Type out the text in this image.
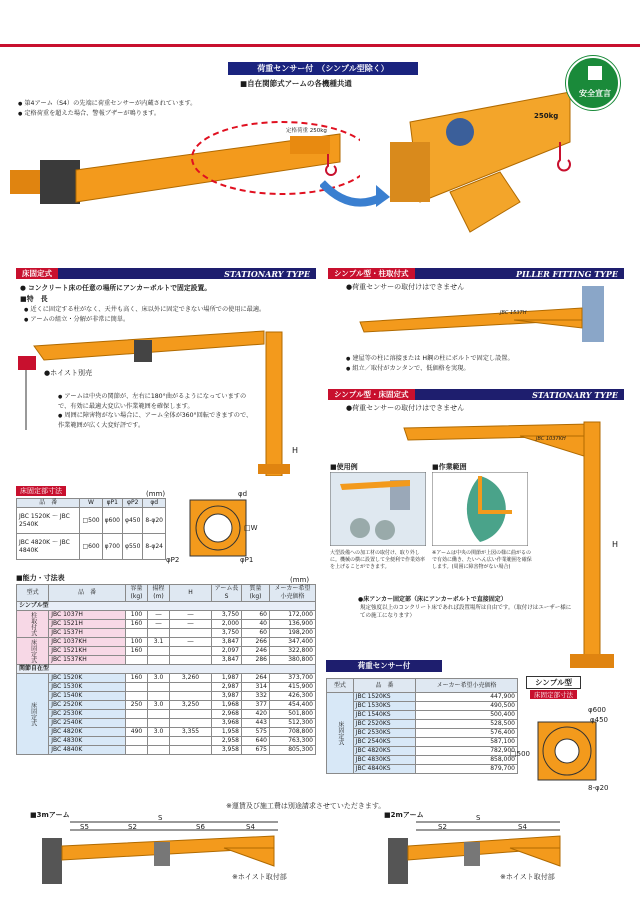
荷重センサー付　（シンプル型除く）
■自在関節式アームの各機種共通
● 第4アーム（S4）の先端に荷重センサーが内蔵されています。
● 定格荷重を超えた場合、警報ブザーが鳴ります。
定格荷重 250kg
250kg
安全宣言
床固定式	STATIONARY TYPE
● コンクリート床の任意の場所にアンカーボルトで固定設置。
■特　長
● 近くに固定する柱がなく、天井も高く、床以外に固定できない場所での使用に最適。
● アームの組立・分解が非常に簡単。
●ホイスト別売
● アームは中央の関節が、左右に180°曲がるようになっていますので、有効に最適大変広い作業範囲を確保します。
● 周囲に障害物がない場合に、アーム全体が360°回転できますので、作業範囲が広く大変好評です。
H
床固定部寸法	(mm)
品　番	W	φP1	φP2	φd
JBC 1520K ～ JBC 2540K	□500	φ600	φ450	8-φ20
JBC 4820K ～ JBC 4840K	□600	φ700	φ550	8-φ24
φd
□W
φP2	φP1
■能力・寸法表	(mm)
型式	品　番	容量(kg)	揚程(m)	H	アーム長S	質量(kg)	メーカー希望小売価格
シンプル型							
柱取付式	JBC 1037H	100	―	―	3,750	60	172,000
	JBC 1521H	160	―	―	2,000	40	136,900
	JBC 1537H				3,750	60	198,200
床固定式	JBC 1037KH	100	3.1	―	3,847	266	347,400
	JBC 1521KH	160			2,097	246	322,800
	JBC 1537KH				3,847	286	380,800
関節自在型							
床固定式	JBC 1520K	160	3.0	3,260	1,987	264	373,700
	JBC 1530K				2,987	314	415,900
	JBC 1540K				3,987	332	426,300
	JBC 2520K	250	3.0	3,250	1,968	377	454,400
	JBC 2530K				2,968	420	501,800
	JBC 2540K				3,968	443	512,300
	JBC 4820K	490	3.0	3,355	1,958	575	708,800
	JBC 4830K				2,958	640	763,300
	JBC 4840K				3,958	675	805,300
※運賃及び施工費は別途請求させていただきます。
シンプル型・柱取付式	PILLER FITTING TYPE
●荷重センサーの取付けはできません
JBC 1537H
● 建屋等の柱に溶接または H鋼の柱にボルトで固定し設置。
● 組立／取付がカンタンで、低価格を実現。
シンプル型・床固定式	STATIONARY TYPE
●荷重センサーの取付けはできません
JBC 1037KH
H
■使用例	■作業範囲
大型設備への加工材の取付け、取り外しに。機械の横に設置して全便利で作業効率を上げることができます。
※アームは中央の関節が上図の様に曲がるので有効に働き、たいへん広い作業範囲を確保します。(周囲に障害物がない場合)
●床アンカー固定部（床にアンカーボルトで直接固定）
規定強度以上のコンクリート床であれば設置場所は自由です。（取付けはユーザー様にての施工になります）
荷重センサー付
型式	品　番	メーカー希望小売価格
床固定式	JBC 1520KS	447,900
	JBC 1530KS	490,500
	JBC 1540KS	500,400
	JBC 2520KS	528,500
	JBC 2530KS	576,400
	JBC 2540KS	587,100
	JBC 4820KS	782,900
	JBC 4830KS	858,000
	JBC 4840KS	879,700
シンプル型
床固定部寸法
φ600
φ450
□500
8-φ20
■3mアーム	S
S5	S2	S6	S4
※ホイスト取付部
■2mアーム	S
S2	S4
※ホイスト取付部
